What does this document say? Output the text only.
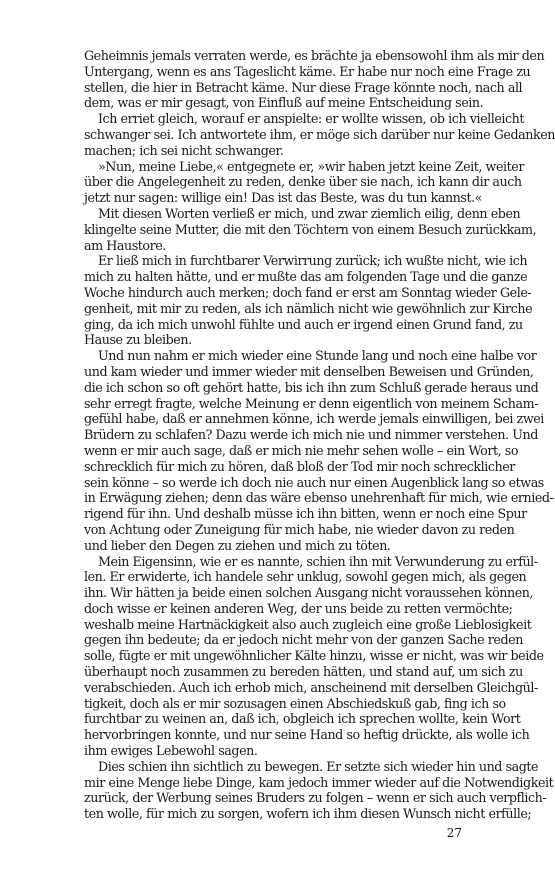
Geheimnis jemals verraten werde, es brächte ja ebensowohl ihm als mir den
Untergang, wenn es ans Tageslicht käme. Er habe nur noch eine Frage zu
stellen, die hier in Betracht käme. Nur diese Frage könnte noch, nach all
dem, was er mir gesagt, von Einfluß auf meine Entscheidung sein.
Ich erriet gleich, worauf er anspielte: er wollte wissen, ob ich vielleicht
schwanger sei. Ich antwortete ihm, er möge sich darüber nur keine Gedanken
machen; ich sei nicht schwanger.
»Nun, meine Liebe,« entgegnete er, »wir haben jetzt keine Zeit, weiter
über die Angelegenheit zu reden, denke über sie nach, ich kann dir auch
jetzt nur sagen: willige ein! Das ist das Beste, was du tun kannst.«
Mit diesen Worten verließ er mich, und zwar ziemlich eilig, denn eben
klingelte seine Mutter, die mit den Töchtern von einem Besuch zurückkam,
am Haustore.
Er ließ mich in furchtbarer Verwirrung zurück; ich wußte nicht, wie ich
mich zu halten hätte, und er mußte das am folgenden Tage und die ganze
Woche hindurch auch merken; doch fand er erst am Sonntag wieder Gele-
genheit, mit mir zu reden, als ich nämlich nicht wie gewöhnlich zur Kirche
ging, da ich mich unwohl fühlte und auch er irgend einen Grund fand, zu
Hause zu bleiben.
Und nun nahm er mich wieder eine Stunde lang und noch eine halbe vor
und kam wieder und immer wieder mit denselben Beweisen und Gründen,
die ich schon so oft gehört hatte, bis ich ihn zum Schluß gerade heraus und
sehr erregt fragte, welche Meinung er denn eigentlich von meinem Scham-
gefühl habe, daß er annehmen könne, ich werde jemals einwilligen, bei zwei
Brüdern zu schlafen? Dazu werde ich mich nie und nimmer verstehen. Und
wenn er mir auch sage, daß er mich nie mehr sehen wolle – ein Wort, so
schrecklich für mich zu hören, daß bloß der Tod mir noch schrecklicher
sein könne – so werde ich doch nie auch nur einen Augenblick lang so etwas
in Erwägung ziehen; denn das wäre ebenso unehrenhaft für mich, wie ernied-
rigend für ihn. Und deshalb müsse ich ihn bitten, wenn er noch eine Spur
von Achtung oder Zuneigung für mich habe, nie wieder davon zu reden
und lieber den Degen zu ziehen und mich zu töten.
Mein Eigensinn, wie er es nannte, schien ihn mit Verwunderung zu erfül-
len. Er erwiderte, ich handele sehr unklug, sowohl gegen mich, als gegen
ihn. Wir hätten ja beide einen solchen Ausgang nicht voraussehen können,
doch wisse er keinen anderen Weg, der uns beide zu retten vermöchte;
weshalb meine Hartnäckigkeit also auch zugleich eine große Lieblosigkeit
gegen ihn bedeute; da er jedoch nicht mehr von der ganzen Sache reden
solle, fügte er mit ungewöhnlicher Kälte hinzu, wisse er nicht, was wir beide
überhaupt noch zusammen zu bereden hätten, und stand auf, um sich zu
verabschieden. Auch ich erhob mich, anscheinend mit derselben Gleichgül-
tigkeit, doch als er mir sozusagen einen Abschiedskuß gab, fing ich so
furchtbar zu weinen an, daß ich, obgleich ich sprechen wollte, kein Wort
hervorbringen konnte, und nur seine Hand so heftig drückte, als wolle ich
ihm ewiges Lebewohl sagen.
Dies schien ihn sichtlich zu bewegen. Er setzte sich wieder hin und sagte
mir eine Menge liebe Dinge, kam jedoch immer wieder auf die Notwendigkeit
zurück, der Werbung seines Bruders zu folgen – wenn er sich auch verpflich-
ten wolle, für mich zu sorgen, wofern ich ihm diesen Wunsch nicht erfülle;
27
